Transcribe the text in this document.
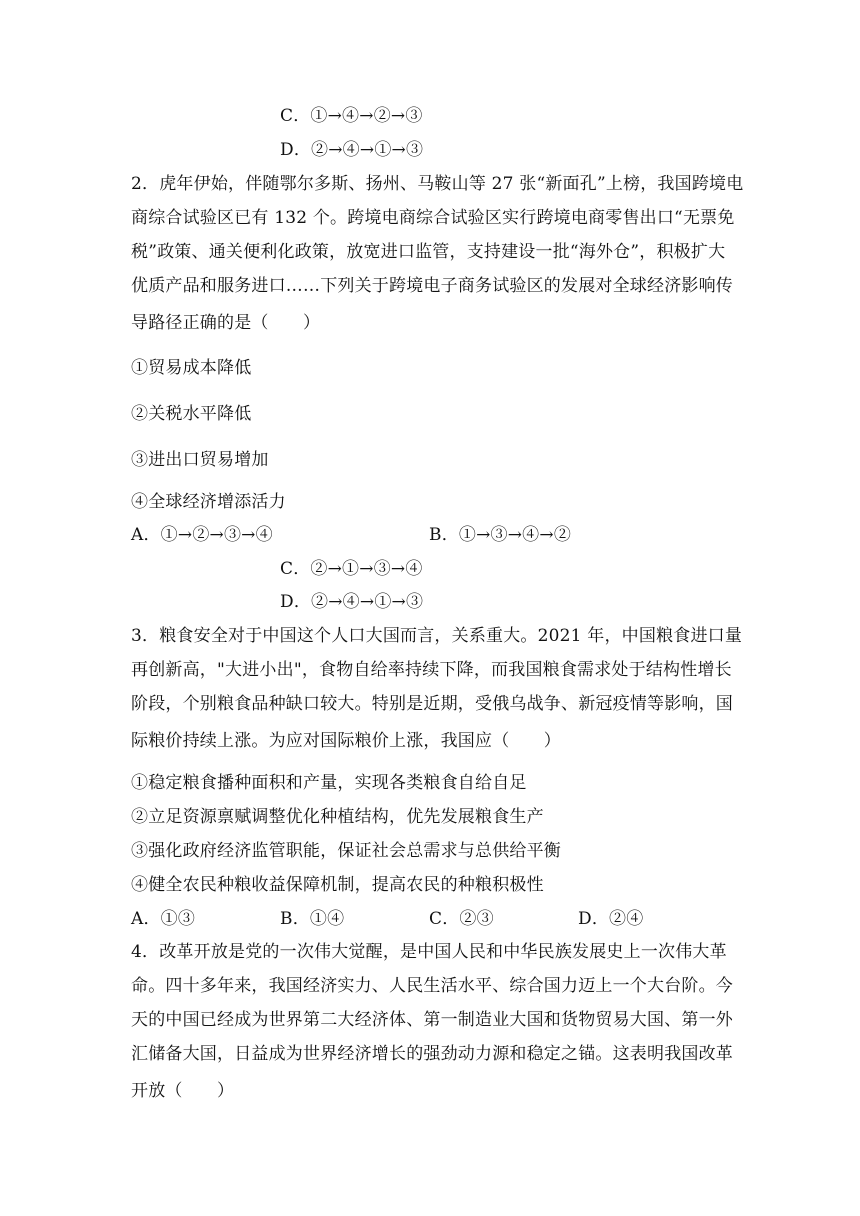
C．①→④→②→③
D．②→④→①→③
2．虎年伊始，伴随鄂尔多斯、扬州、马鞍山等 27 张“新面孔”上榜，我国跨境电
商综合试验区已有 132 个。跨境电商综合试验区实行跨境电商零售出口“无票免
税”政策、通关便利化政策，放宽进口监管，支持建设一批“海外仓”，积极扩大
优质产品和服务进口……下列关于跨境电子商务试验区的发展对全球经济影响传
导路径正确的是（　　）
①贸易成本降低
②关税水平降低
③进出口贸易增加
④全球经济增添活力
A．①→②→③→④	B．①→③→④→②
C．②→①→③→④
D．②→④→①→③
3．粮食安全对于中国这个人口大国而言，关系重大。2021 年，中国粮食进口量
再创新高，"大进小出"，食物自给率持续下降，而我国粮食需求处于结构性增长
阶段，个别粮食品种缺口较大。特别是近期，受俄乌战争、新冠疫情等影响，国
际粮价持续上涨。为应对国际粮价上涨，我国应（　　）
①稳定粮食播种面积和产量，实现各类粮食自给自足
②立足资源禀赋调整优化种植结构，优先发展粮食生产
③强化政府经济监管职能，保证社会总需求与总供给平衡
④健全农民种粮收益保障机制，提高农民的种粮积极性
A．①③	B．①④	C．②③	D．②④
4．改革开放是党的一次伟大觉醒，是中国人民和中华民族发展史上一次伟大革
命。四十多年来，我国经济实力、人民生活水平、综合国力迈上一个大台阶。今
天的中国已经成为世界第二大经济体、第一制造业大国和货物贸易大国、第一外
汇储备大国，日益成为世界经济增长的强劲动力源和稳定之锚。这表明我国改革
开放（　　）
